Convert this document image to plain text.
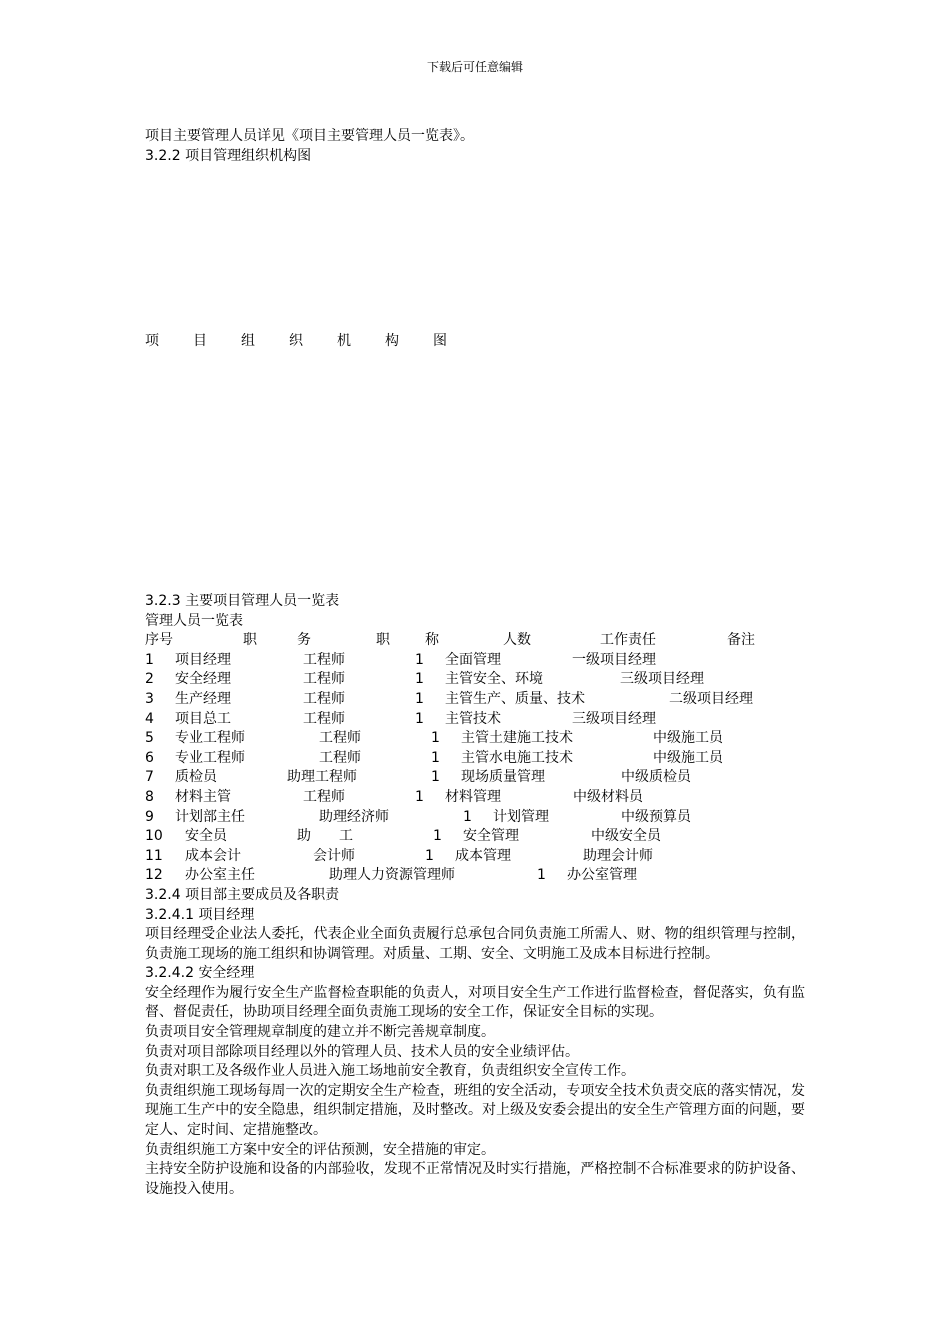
下载后可任意编辑
项目主要管理人员详见《项目主要管理人员一览表》。
3.2.2 项目管理组织机构图
项 目 组 织 机 构 图
3.2.3 主要项目管理人员一览表
管理人员一览表
序号	职	务	职	称	人数	工作责任	备注
1 项目经理	工程师	1 全面管理	一级项目经理
2 安全经理	工程师	1 主管安全、环境	三级项目经理
3 生产经理	工程师	1 主管生产、质量、技术	二级项目经理
4 项目总工	工程师	1 主管技术	三级项目经理
5 专业工程师	工程师	1 主管土建施工技术	中级施工员
6 专业工程师	工程师	1 主管水电施工技术	中级施工员
7 质检员	助理工程师	1 现场质量管理	中级质检员
8 材料主管	工程师	1 材料管理	中级材料员
9 计划部主任	助理经济师	1 计划管理	中级预算员
10 安全员	助　　工	1 安全管理	中级安全员
11 成本会计	会计师	1 成本管理	助理会计师
12 办公室主任	助理人力资源管理师	1 办公室管理
3.2.4 项目部主要成员及各职责
3.2.4.1 项目经理
项目经理受企业法人委托，代表企业全面负责履行总承包合同负责施工所需人、财、物的组织管理与控制，负责施工现场的施工组织和协调管理。对质量、工期、安全、文明施工及成本目标进行控制。
3.2.4.2 安全经理
安全经理作为履行安全生产监督检查职能的负责人，对项目安全生产工作进行监督检查，督促落实，负有监督、督促责任，协助项目经理全面负责施工现场的安全工作，保证安全目标的实现。
负责项目安全管理规章制度的建立并不断完善规章制度。
负责对项目部除项目经理以外的管理人员、技术人员的安全业绩评估。
负责对职工及各级作业人员进入施工场地前安全教育，负责组织安全宣传工作。
负责组织施工现场每周一次的定期安全生产检查，班组的安全活动，专项安全技术负责交底的落实情况，发现施工生产中的安全隐患，组织制定措施，及时整改。对上级及安委会提出的安全生产管理方面的问题，要定人、定时间、定措施整改。
负责组织施工方案中安全的评估预测，安全措施的审定。
主持安全防护设施和设备的内部验收，发现不正常情况及时实行措施，严格控制不合标准要求的防护设备、设施投入使用。
